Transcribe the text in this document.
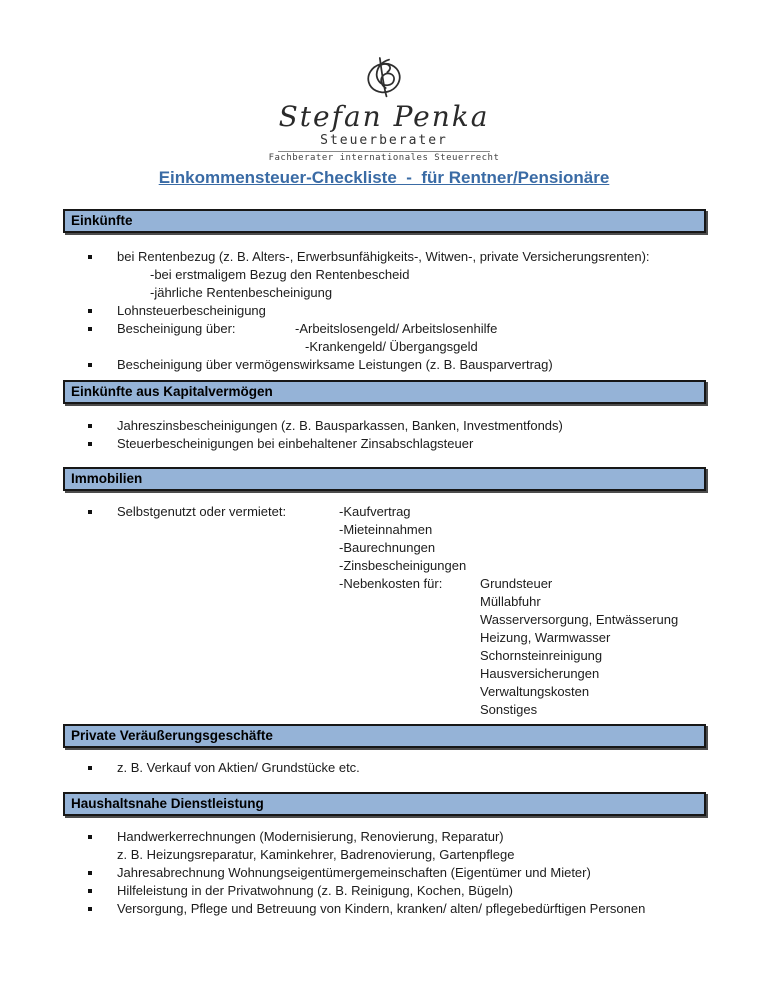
Stefan Penka
Steuerberater
Fachberater internationales Steuerrecht
Einkommensteuer-Checkliste  -  für Rentner/Pensionäre
Einkünfte
bei Rentenbezug (z. B. Alters-, Erwerbsunfähigkeits-, Witwen-, private Versicherungsrenten):
-bei erstmaligem Bezug den Rentenbescheid
-jährliche Rentenbescheinigung
Lohnsteuerbescheinigung
Bescheinigung über:	-Arbeitslosengeld/ Arbeitslosenhilfe
-Krankengeld/ Übergangsgeld
Bescheinigung über vermögenswirksame Leistungen (z. B. Bausparvertrag)
Einkünfte aus Kapitalvermögen
Jahreszinsbescheinigungen (z. B. Bausparkassen, Banken, Investmentfonds)
Steuerbescheinigungen bei einbehaltener Zinsabschlagsteuer
Immobilien
Selbstgenutzt oder vermietet:	-Kaufvertrag
-Mieteinnahmen
-Baurechnungen
-Zinsbescheinigungen
-Nebenkosten für:	Grundsteuer
Müllabfuhr
Wasserversorgung, Entwässerung
Heizung, Warmwasser
Schornsteinreinigung
Hausversicherungen
Verwaltungskosten
Sonstiges
Private Veräußerungsgeschäfte
z. B. Verkauf von Aktien/ Grundstücke etc.
Haushaltsnahe Dienstleistung
Handwerkerrechnungen (Modernisierung, Renovierung, Reparatur)
z. B. Heizungsreparatur, Kaminkehrer, Badrenovierung, Gartenpflege
Jahresabrechnung Wohnungseigentümergemeinschaften (Eigentümer und Mieter)
Hilfeleistung in der Privatwohnung (z. B. Reinigung, Kochen, Bügeln)
Versorgung, Pflege und Betreuung von Kindern, kranken/ alten/ pflegebedürftigen Personen
